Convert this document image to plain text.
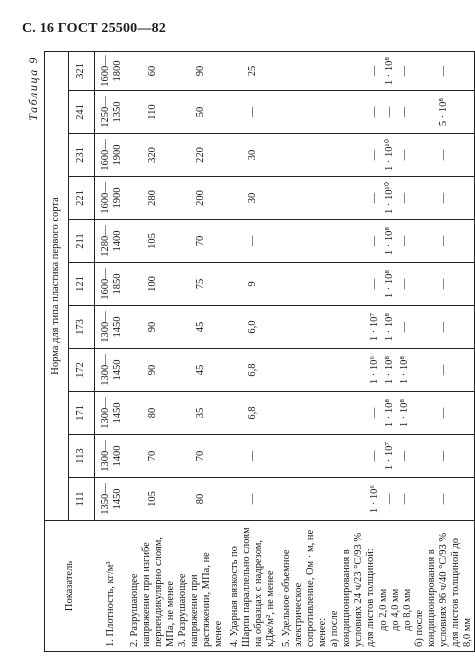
С. 16 ГОСТ 25500—82
Таблица 9
Показатель	Норма для типа пластика первого сорта										
	111	113	171	172	173	121	211	221	231	241	321
1. Плотность, кг/м³	1350— 1450	1300— 1400	1300— 1450	1300— 1450	1300— 1450	1600— 1850	1280— 1400	1600— 1900	1600— 1900	1250— 1350	1600— 1800

2. Разрушающее напряжение при изгибе перпендикулярно слоям, МПа, не менее	105	70	80	90	90	100	105	280	320	110	60

3. Разрушающее напряжение при растяжении, МПа, не менее	80	70	35	45	45	75	70	200	220	50	90

4. Ударная вязкость по Шарпи параллельно слоям на образцах с надрезом, кДж/м², не менее	—	—	6,8	6,8	6,0	9	—	30	30	—	25

5. Удельное объемное электрическое сопротивление, Ом · м, не менее:	

а) после кондиционирования в условиях 24 ч/23 °C/93 % для листов толщиной: до 2,0 мм до 4,0 мм до 8,0 мм	1 · 10⁶ — —	— 1 · 10⁷ —	— 1 · 10⁸ 1 · 10⁸	1 · 10⁶ 1 · 10⁸ 1 · 10⁸	1 · 10⁷ 1 · 10⁸ —	— 1 · 10⁸ —	— 1 · 10⁸ —	— 1 · 10¹⁰ —	— 1 · 10¹⁰ —	— — —	— 1 · 10⁸ —

б) после кондиционирования в условиях 96 ч/40 °C/93 % для листов толщиной до 8,0 мм	—	—	—	—	—	—	—	—	—	5 · 10⁸	—
